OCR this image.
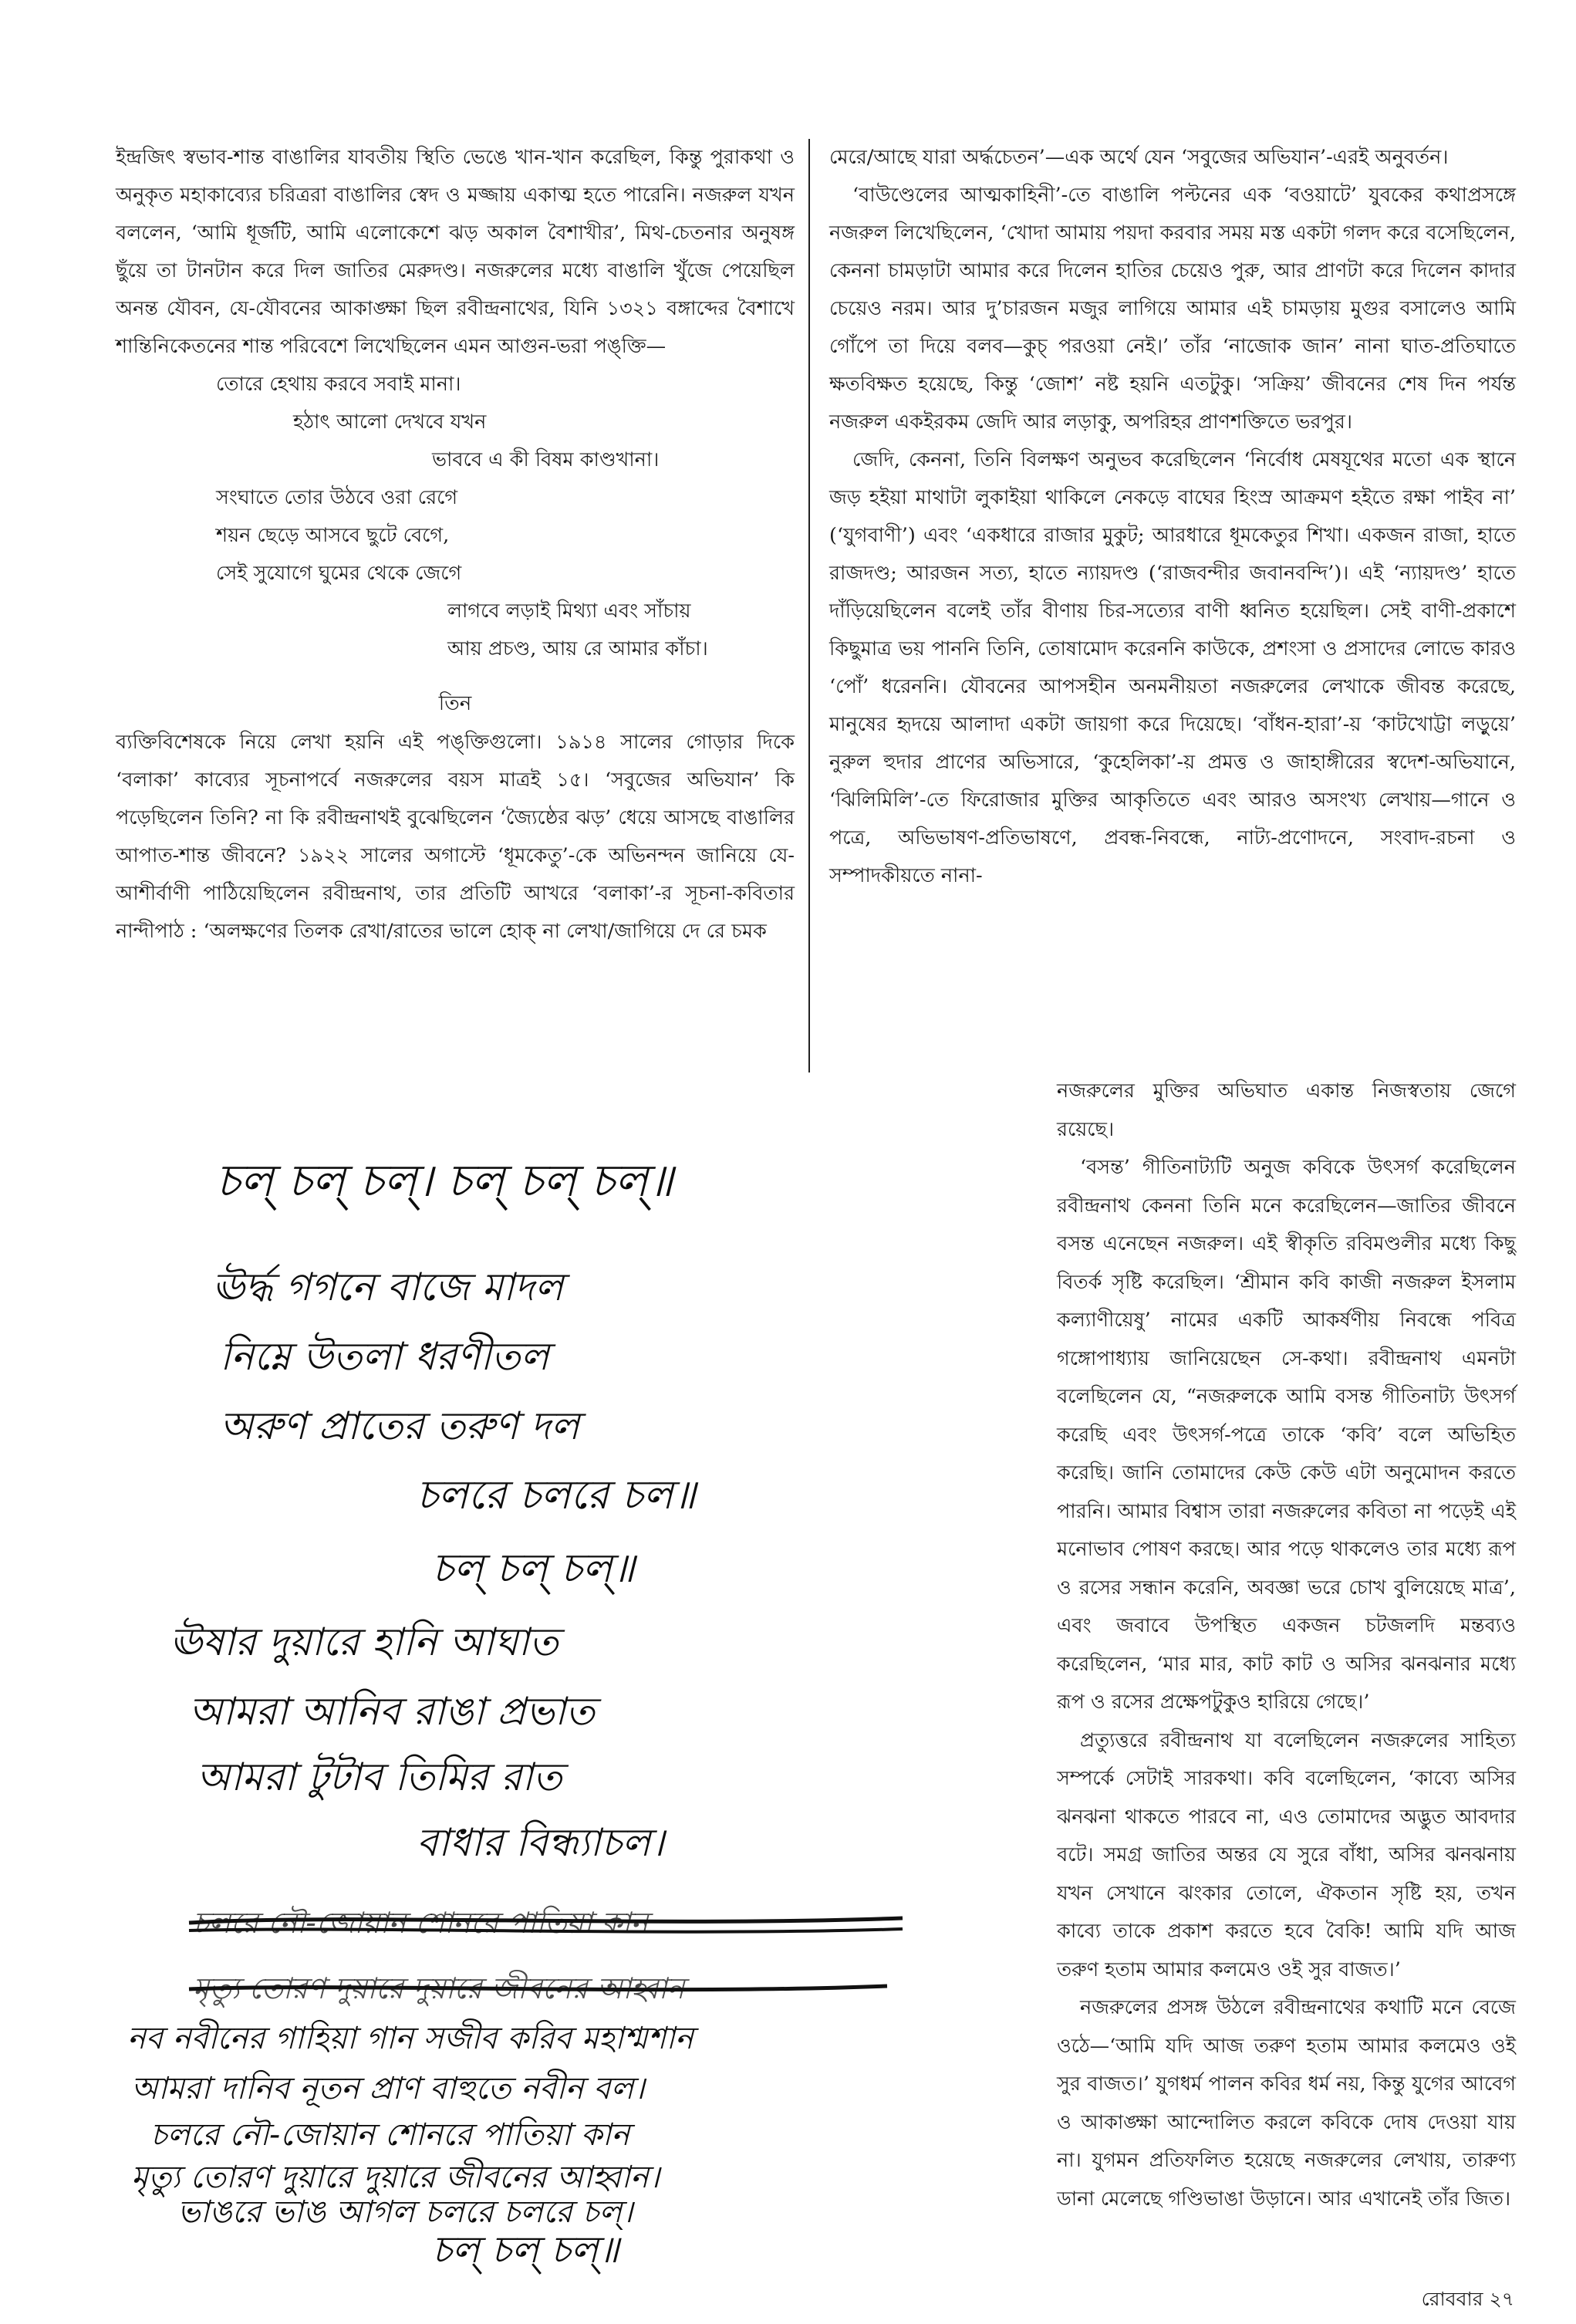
ইন্দ্রজিৎ স্বভাব-শান্ত বাঙালির যাবতীয় স্থিতি ভেঙে খান-খান করেছিল, কিন্তু পুরাকথা ও অনুকৃত মহাকাব্যের চরিত্ররা বাঙালির স্বেদ ও মজ্জায় একাত্ম হতে পারেনি। নজরুল যখন বললেন, ‘আমি ধূর্জটি, আমি এলোকেশে ঝড় অকাল বৈশাখীর’, মিথ-চেতনার অনুষঙ্গ ছুঁয়ে তা টানটান করে দিল জাতির মেরুদণ্ড। নজরুলের মধ্যে বাঙালি খুঁজে পেয়েছিল অনন্ত যৌবন, যে-যৌবনের আকাঙ্ক্ষা ছিল রবীন্দ্রনাথের, যিনি ১৩২১ বঙ্গাব্দের বৈশাখে শান্তিনিকেতনের শান্ত পরিবেশে লিখেছিলেন এমন আগুন-ভরা পঙ্‌ক্তি—

তোরে হেথায় করবে সবাই মানা।
হঠাৎ আলো দেখবে যখন
ভাববে এ কী বিষম কাণ্ডখানা।
সংঘাতে তোর উঠবে ওরা রেগে
শয়ন ছেড়ে আসবে ছুটে বেগে,
সেই সুযোগে ঘুমের থেকে জেগে
লাগবে লড়াই মিথ্যা এবং সাঁচায়
আয় প্রচণ্ড, আয় রে আমার কাঁচা।
তিন

ব্যক্তিবিশেষকে নিয়ে লেখা হয়নি এই পঙ্‌ক্তিগুলো। ১৯১৪ সালের গোড়ার দিকে ‘বলাকা’ কাব্যের সূচনাপর্বে নজরুলের বয়স মাত্রই ১৫। ‘সবুজের অভিযান’ কি পড়েছিলেন তিনি? না কি রবীন্দ্রনাথই বুঝেছিলেন ‘জ্যৈষ্ঠের ঝড়’ ধেয়ে আসছে বাঙালির আপাত-শান্ত জীবনে? ১৯২২ সালের অগাস্টে ‘ধূমকেতু’-কে অভিনন্দন জানিয়ে যে-আশীর্বাণী পাঠিয়েছিলেন রবীন্দ্রনাথ, তার প্রতিটি আখরে ‘বলাকা’-র সূচনা-কবিতার নান্দীপাঠ : ‘অলক্ষণের তিলক রেখা/রাতের ভালে হোক্ না লেখা/জাগিয়ে দে রে চমক

মেরে/আছে যারা অর্দ্ধচেতন’—এক অর্থে যেন ‘সবুজের অভিযান’-এরই অনুবর্তন।

‘বাউণ্ডেলের আত্মকাহিনী’-তে বাঙালি পল্টনের এক ‘বওয়াটে’ যুবকের কথাপ্রসঙ্গে নজরুল লিখেছিলেন, ‘খোদা আমায় পয়দা করবার সময় মস্ত একটা গলদ করে বসেছিলেন, কেননা চামড়াটা আমার করে দিলেন হাতির চেয়েও পুরু, আর প্রাণটা করে দিলেন কাদার চেয়েও নরম। আর দু’চারজন মজুর লাগিয়ে আমার এই চামড়ায় মুগুর বসালেও আমি গোঁপে তা দিয়ে বলব—কুচ্ পরওয়া নেই।’ তাঁর ‘নাজোক জান’ নানা ঘাত-প্রতিঘাতে ক্ষতবিক্ষত হয়েছে, কিন্তু ‘জোশ’ নষ্ট হয়নি এতটুকু। ‘সক্রিয়’ জীবনের শেষ দিন পর্যন্ত নজরুল একইরকম জেদি আর লড়াকু, অপরিহর প্রাণশক্তিতে ভরপুর।

জেদি, কেননা, তিনি বিলক্ষণ অনুভব করেছিলেন ‘নির্বোধ মেষযূথের মতো এক স্থানে জড় হইয়া মাথাটা লুকাইয়া থাকিলে নেকড়ে বাঘের হিংস্র আক্রমণ হইতে রক্ষা পাইব না’ (‘যুগবাণী’) এবং ‘একধারে রাজার মুকুট; আরধারে ধূমকেতুর শিখা। একজন রাজা, হাতে রাজদণ্ড; আরজন সত্য, হাতে ন্যায়দণ্ড (‘রাজবন্দীর জবানবন্দি’)। এই ‘ন্যায়দণ্ড’ হাতে দাঁড়িয়েছিলেন বলেই তাঁর বীণায় চির-সত্যের বাণী ধ্বনিত হয়েছিল। সেই বাণী-প্রকাশে কিছুমাত্র ভয় পাননি তিনি, তোষামোদ করেননি কাউকে, প্রশংসা ও প্রসাদের লোভে কারও ‘পোঁ’ ধরেননি। যৌবনের আপসহীন অনমনীয়তা নজরুলের লেখাকে জীবন্ত করেছে, মানুষের হৃদয়ে আলাদা একটা জায়গা করে দিয়েছে। ‘বাঁধন-হারা’-য় ‘কাটখোট্টা লড়ুয়ে’ নুরুল হুদার প্রাণের অভিসারে, ‘কুহেলিকা’-য় প্রমত্ত ও জাহাঙ্গীরের স্বদেশ-অভিযানে, ‘ঝিলিমিলি’-তে ফিরোজার মুক্তির আকৃতিতে এবং আরও অসংখ্য লেখায়—গানে ও পত্রে, অভিভাষণ-প্রতিভাষণে, প্রবন্ধ-নিবন্ধে, নাট্য-প্রণোদনে, সংবাদ-রচনা ও সম্পাদকীয়তে নানা-

নজরুলের মুক্তির অভিঘাত একান্ত নিজস্বতায় জেগে রয়েছে।

‘বসন্ত’ গীতিনাট্যটি অনুজ কবিকে উৎসর্গ করেছিলেন রবীন্দ্রনাথ কেননা তিনি মনে করেছিলেন—জাতির জীবনে বসন্ত এনেছেন নজরুল। এই স্বীকৃতি রবিমণ্ডলীর মধ্যে কিছু বিতর্ক সৃষ্টি করেছিল। ‘শ্রীমান কবি কাজী নজরুল ইসলাম কল্যাণীয়েষু’ নামের একটি আকর্ষণীয় নিবন্ধে পবিত্র গঙ্গোপাধ্যায় জানিয়েছেন সে-কথা। রবীন্দ্রনাথ এমনটা বলেছিলেন যে, “নজরুলকে আমি বসন্ত গীতিনাট্য উৎসর্গ করেছি এবং উৎসর্গ-পত্রে তাকে ‘কবি’ বলে অভিহিত করেছি। জানি তোমাদের কেউ কেউ এটা অনুমোদন করতে পারনি। আমার বিশ্বাস তারা নজরুলের কবিতা না পড়েই এই মনোভাব পোষণ করছে। আর পড়ে থাকলেও তার মধ্যে রূপ ও রসের সন্ধান করেনি, অবজ্ঞা ভরে চোখ বুলিয়েছে মাত্র’, এবং জবাবে উপস্থিত একজন চটজলদি মন্তব্যও করেছিলেন, ‘মার মার, কাট কাট ও অসির ঝনঝনার মধ্যে রূপ ও রসের প্রক্ষেপটুকুও হারিয়ে গেছে।’

প্রত্যুত্তরে রবীন্দ্রনাথ যা বলেছিলেন নজরুলের সাহিত্য সম্পর্কে সেটাই সারকথা। কবি বলেছিলেন, ‘কাব্যে অসির ঝনঝনা থাকতে পারবে না, এও তোমাদের অদ্ভুত আবদার বটে। সমগ্র জাতির অন্তর যে সুরে বাঁধা, অসির ঝনঝনায় যখন সেখানে ঝংকার তোলে, ঐকতান সৃষ্টি হয়, তখন কাব্যে তাকে প্রকাশ করতে হবে বৈকি! আমি যদি আজ তরুণ হতাম আমার কলমেও ওই সুর বাজত।’

নজরুলের প্রসঙ্গ উঠলে রবীন্দ্রনাথের কথাটি মনে বেজে ওঠে—‘আমি যদি আজ তরুণ হতাম আমার কলমেও ওই সুর বাজত।’ যুগধর্ম পালন কবির ধর্ম নয়, কিন্তু যুগের আবেগ ও আকাঙ্ক্ষা আন্দোলিত করলে কবিকে দোষ দেওয়া যায় না। যুগমন প্রতিফলিত হয়েছে নজরুলের লেখায়, তারুণ্য ডানা মেলেছে গণ্ডিভাঙা উড়ানে। আর এখানেই তাঁর জিত।

চল্ চল্ চল্। চল্ চল্ চল্॥
ঊর্দ্ধ গগনে বাজে মাদল
নিম্নে উতলা ধরণীতল
অরুণ প্রাতের তরুণ দল
চলরে চলরে চল॥
চল্ চল্ চল্॥
ঊষার দুয়ারে হানি আঘাত
আমরা আনিব রাঙা প্রভাত
আমরা টুটাব তিমির রাত
বাধার বিন্ধ্যাচল।
চলরে নৌ-জোয়ান শোনরে পাতিয়া কান
মৃত্যু তোরণ দুয়ারে দুয়ারে জীবনের আহ্বান
নব নবীনের গাহিয়া গান সজীব করিব মহাশ্মশান
আমরা দানিব নূতন প্রাণ বাহুতে নবীন বল।
চলরে নৌ-জোয়ান শোনরে পাতিয়া কান
মৃত্যু তোরণ দুয়ারে দুয়ারে জীবনের আহ্বান।
ভাঙরে ভাঙ আগল চলরে চলরে চল্।
চল্ চল্ চল্॥
রোববার ২৭
